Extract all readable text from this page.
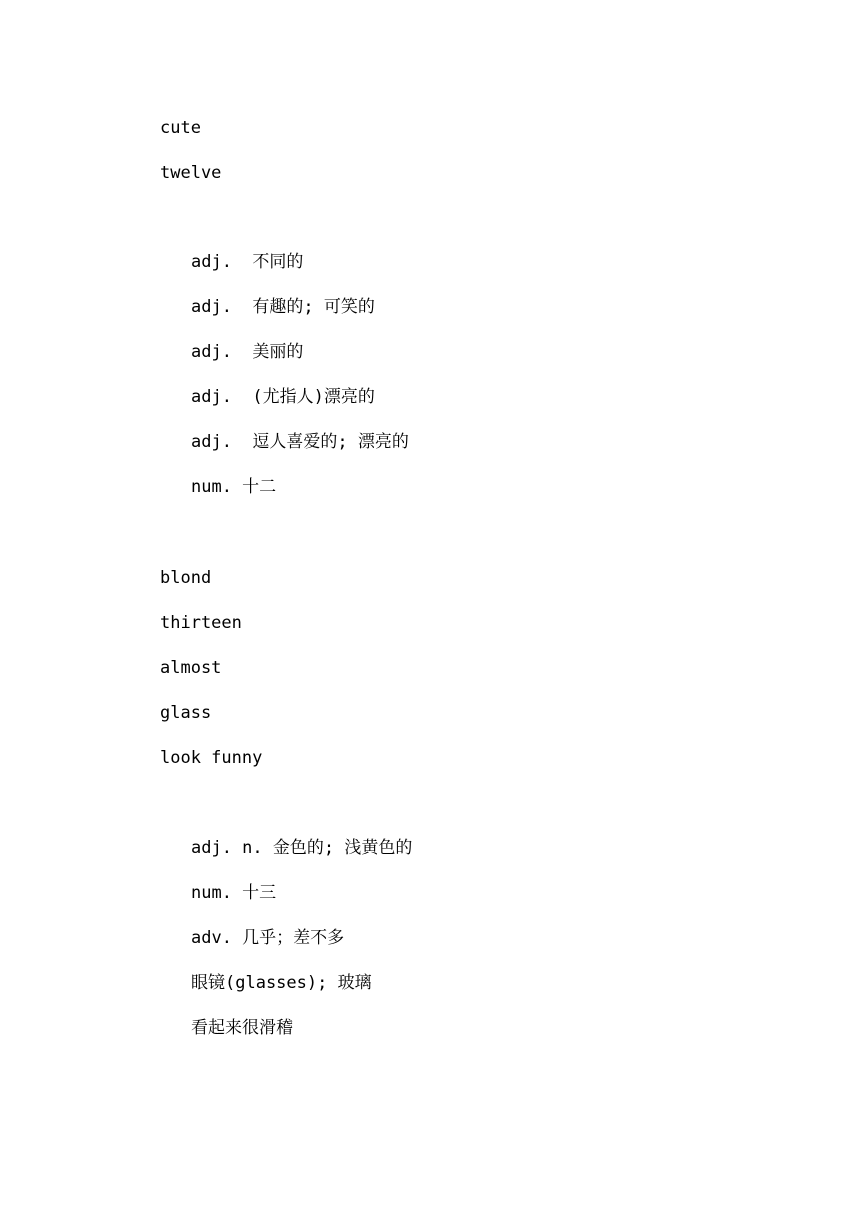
cute
twelve
adj.  不同的
adj.  有趣的; 可笑的
adj.  美丽的
adj.  (尤指人)漂亮的
adj.  逗人喜爱的; 漂亮的
num. 十二
blond
thirteen
almost
glass
look funny
adj. n. 金色的; 浅黄色的
num. 十三
adv. 几乎；差不多
眼镜(glasses); 玻璃
看起来很滑稽
